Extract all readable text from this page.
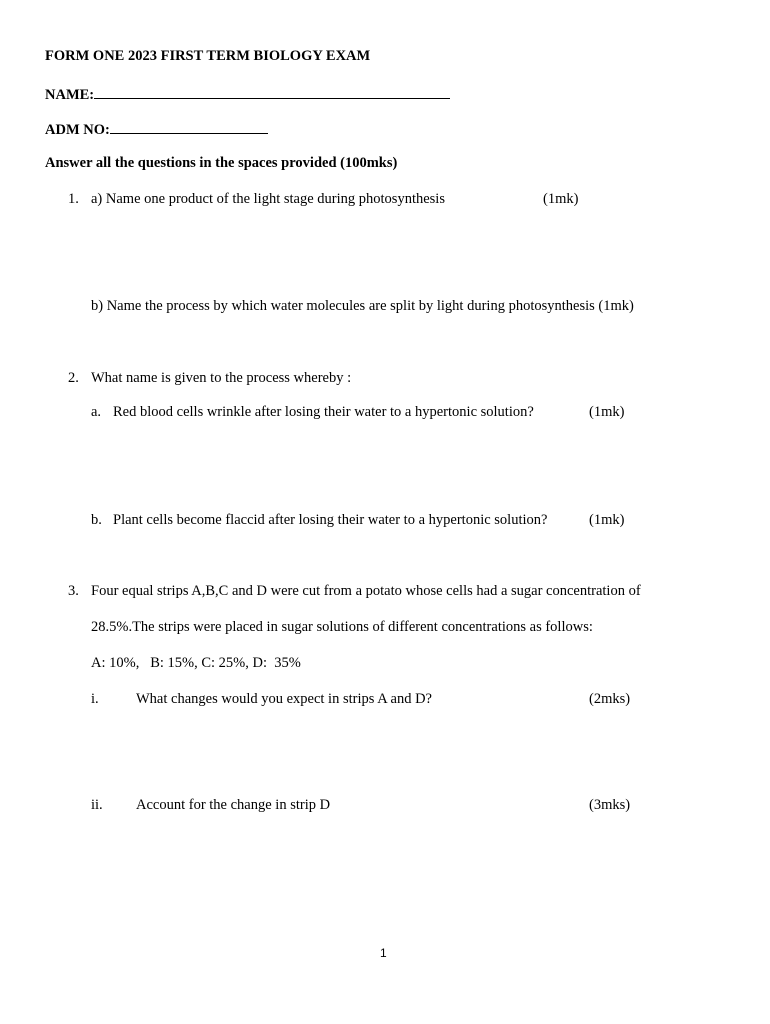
FORM ONE 2023 FIRST TERM BIOLOGY EXAM
NAME:
ADM NO:
Answer all the questions in the spaces provided (100mks)
1. a) Name one product of the light stage during photosynthesis	(1mk)
b) Name the process by which water molecules are split by light during photosynthesis (1mk)
2. What name is given to the process whereby :
a. Red blood cells wrinkle after losing their water to a hypertonic solution?	(1mk)
b. Plant cells become flaccid after losing their water to a hypertonic solution?	(1mk)
3. Four equal strips A,B,C and D were cut from a potato whose cells had a sugar concentration of
28.5%.The strips were placed in sugar solutions of different concentrations as follows:
A: 10%,   B: 15%, C: 25%, D:  35%
i.	What changes would you expect in strips A and D?	(2mks)
ii. Account for the change in strip D	(3mks)
1
